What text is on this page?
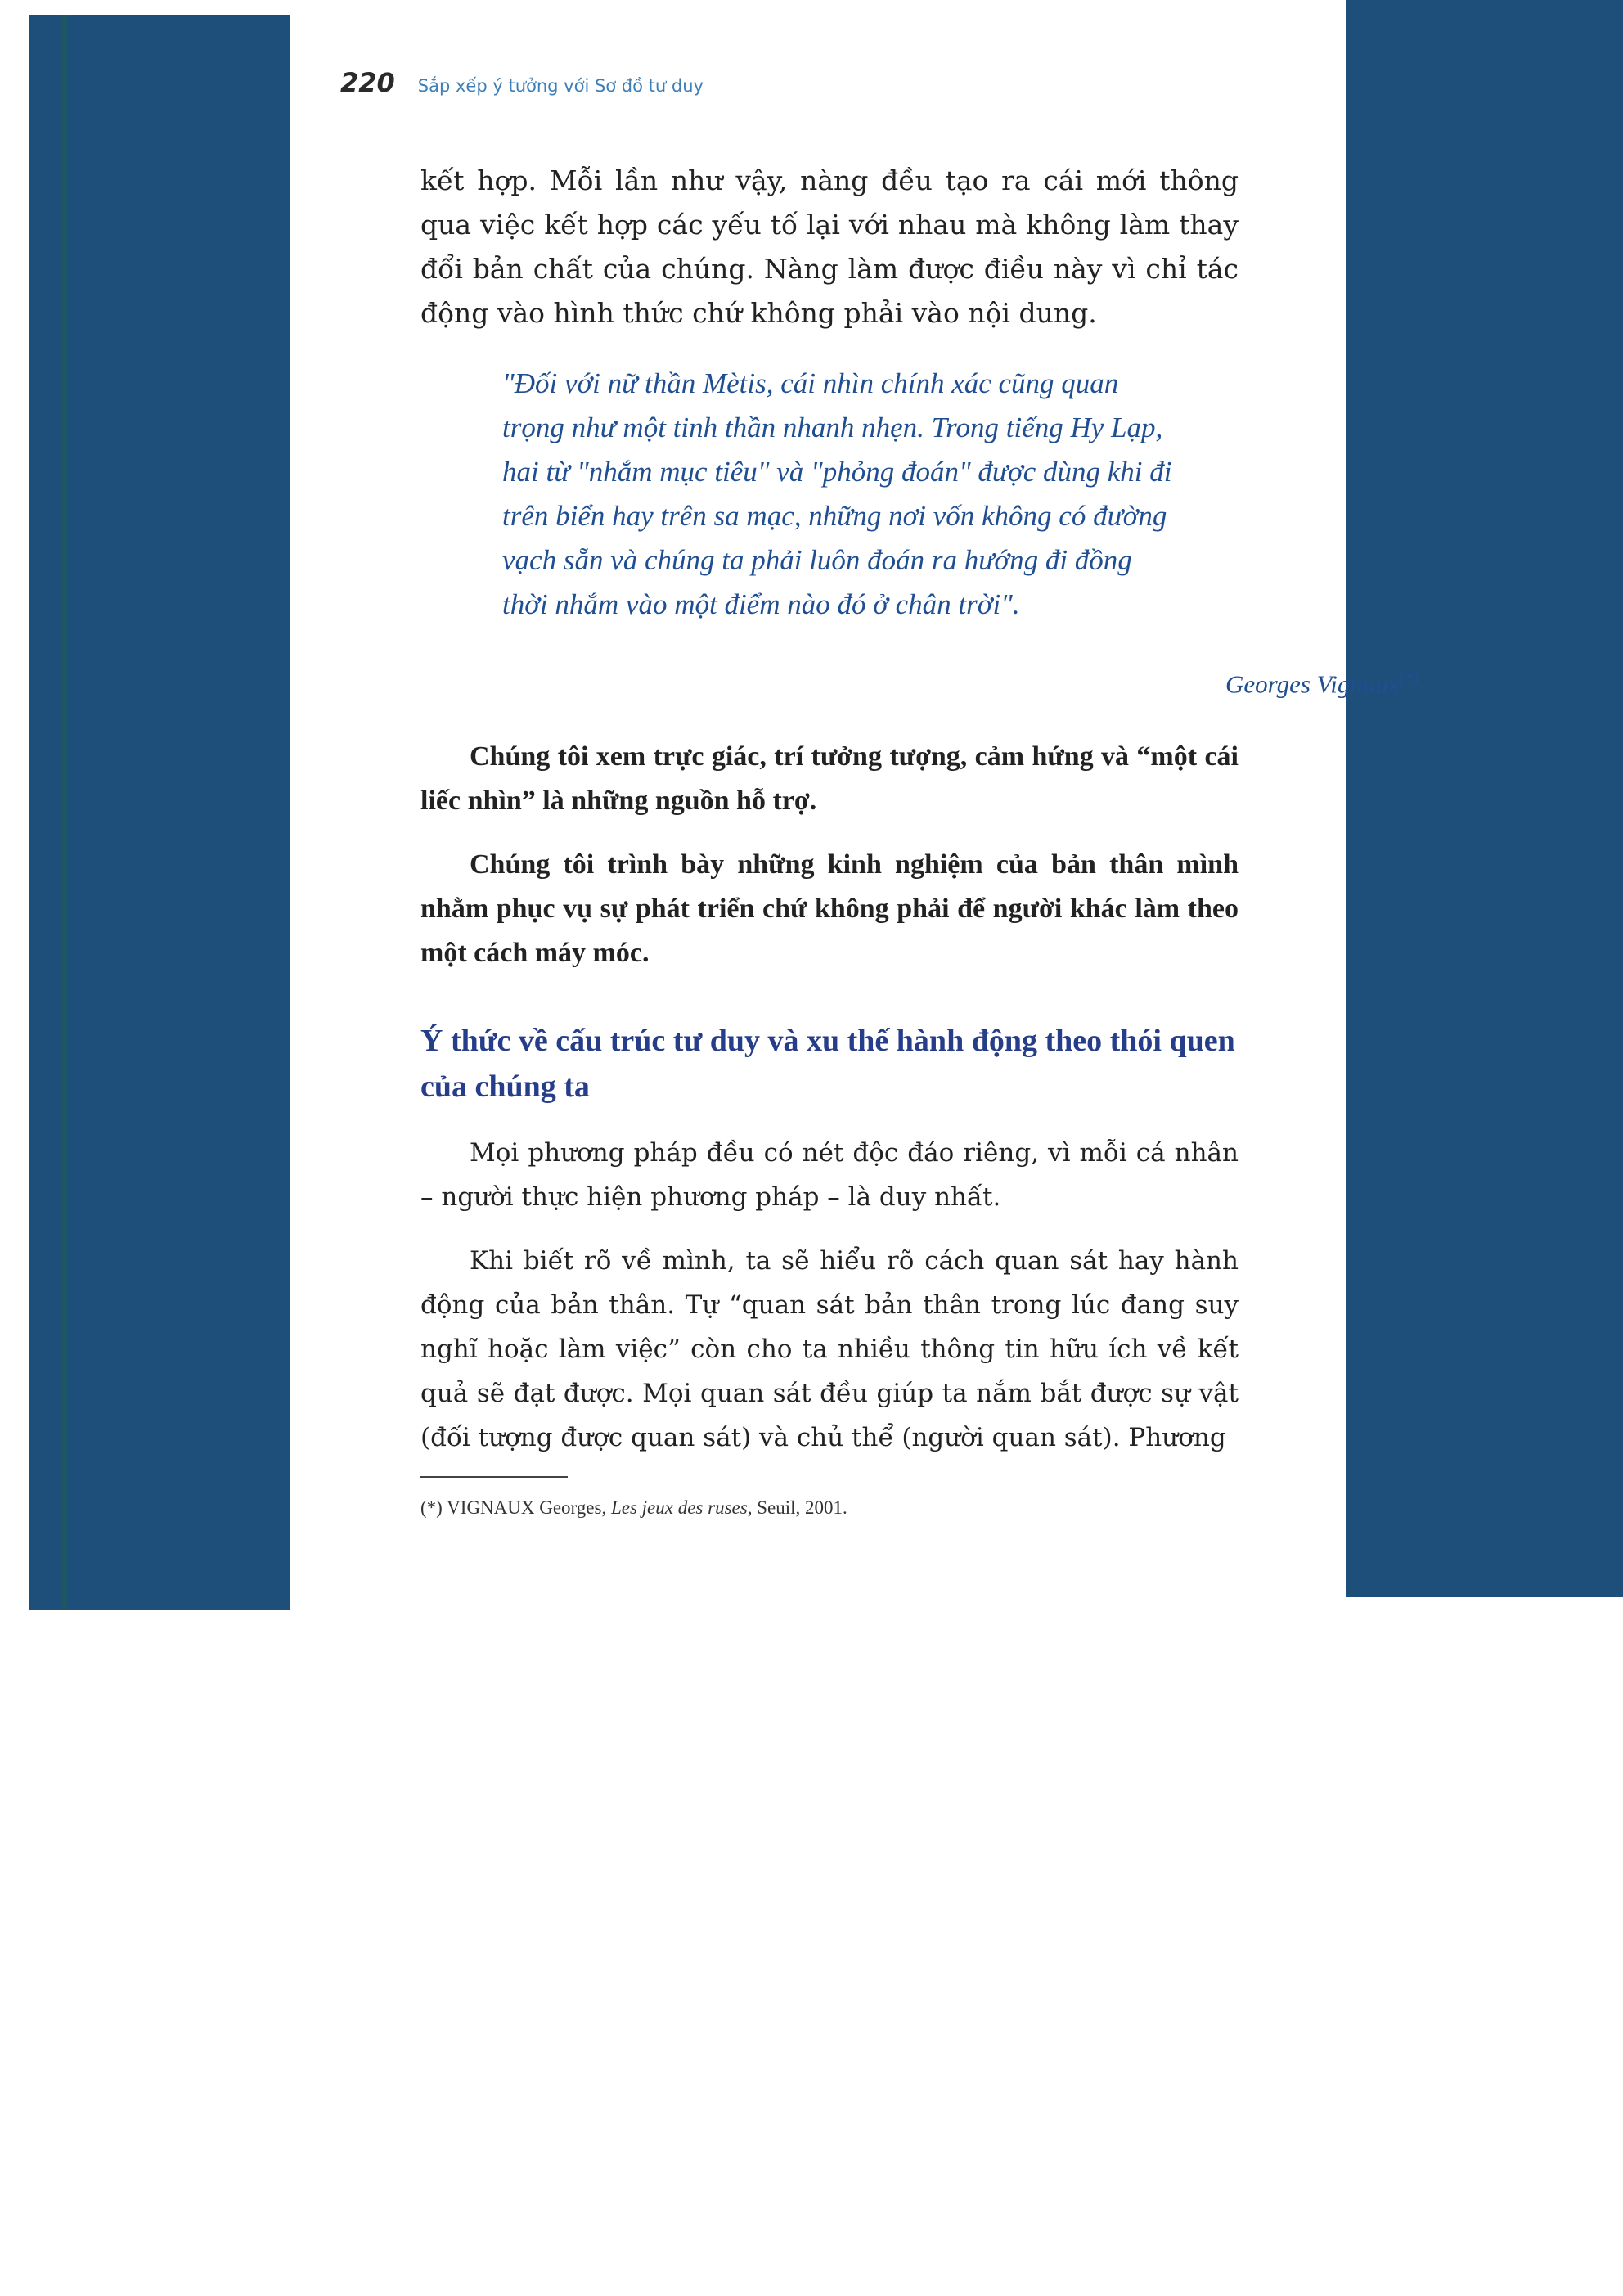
220 Sắp xếp ý tưởng với Sơ đồ tư duy

kết hợp. Mỗi lần như vậy, nàng đều tạo ra cái mới thông qua việc kết hợp các yếu tố lại với nhau mà không làm thay đổi bản chất của chúng. Nàng làm được điều này vì chỉ tác động vào hình thức chứ không phải vào nội dung.

"Đối với nữ thần Mètis, cái nhìn chính xác cũng quan trọng như một tinh thần nhanh nhẹn. Trong tiếng Hy Lạp, hai từ "nhắm mục tiêu" và "phỏng đoán" được dùng khi đi trên biển hay trên sa mạc, những nơi vốn không có đường vạch sẵn và chúng ta phải luôn đoán ra hướng đi đồng thời nhắm vào một điểm nào đó ở chân trời".

Georges Vignaux(*)

Chúng tôi xem trực giác, trí tưởng tượng, cảm hứng và “một cái liếc nhìn” là những nguồn hỗ trợ.

Chúng tôi trình bày những kinh nghiệm của bản thân mình nhằm phục vụ sự phát triển chứ không phải để người khác làm theo một cách máy móc.

Ý thức về cấu trúc tư duy và xu thế hành động theo thói quen của chúng ta

Mọi phương pháp đều có nét độc đáo riêng, vì mỗi cá nhân – người thực hiện phương pháp – là duy nhất.

Khi biết rõ về mình, ta sẽ hiểu rõ cách quan sát hay hành động của bản thân. Tự “quan sát bản thân trong lúc đang suy nghĩ hoặc làm việc” còn cho ta nhiều thông tin hữu ích về kết quả sẽ đạt được. Mọi quan sát đều giúp ta nắm bắt được sự vật (đối tượng được quan sát) và chủ thể (người quan sát). Phương

(*) VIGNAUX Georges, Les jeux des ruses, Seuil, 2001.
